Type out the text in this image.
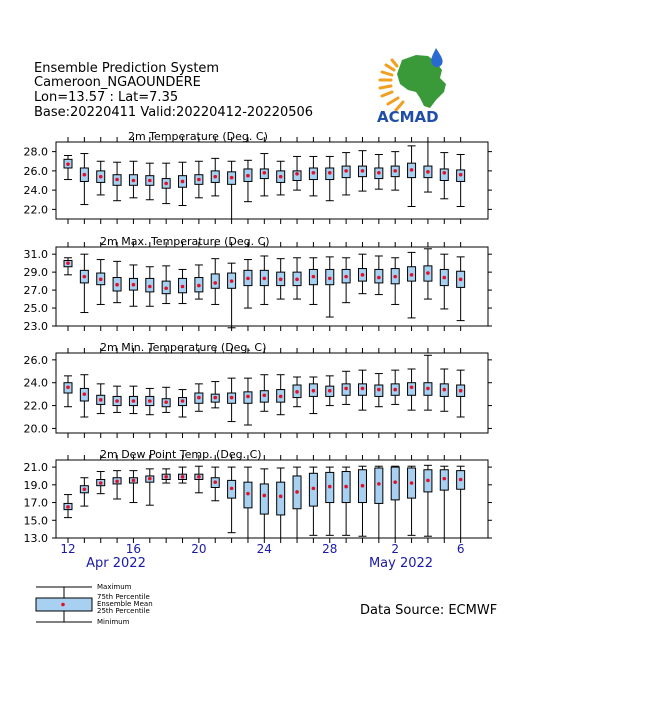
Ensemble Prediction System
Cameroon_NGAOUNDERE
Lon=13.57 : Lat=7.35
Base:20220411 Valid:20220412-20220506	ACMAD
2m Temperature (Deg. C)
28.0
26.0
24.0
22.0
2m Max. Temperature (Deg. C)
31.0
29.0
27.0
25.0
23.0
2m Min. Temperature (Deg. C)
26.0
24.0
22.0
20.0
2m Dew Point Temp. (Deg. C)
21.0
19.0
17.0
15.0
13.0
12	16	20	24	28	2	6
Apr 2022	May 2022
Maximum
75th Percentile
Ensemble Mean
25th Percentile
Minimum
Data Source: ECMWF
